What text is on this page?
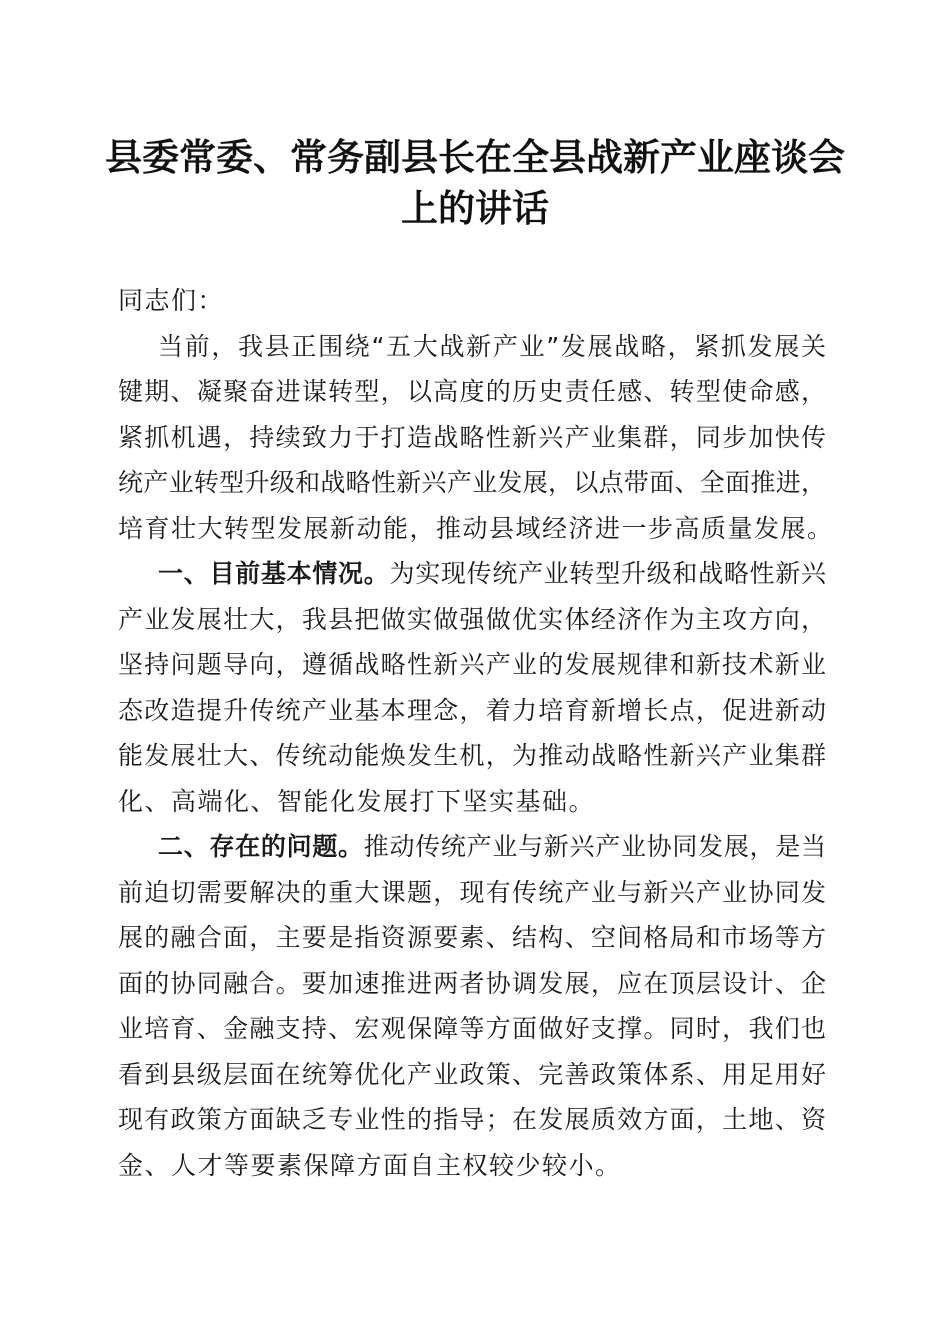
县委常委、常务副县长在全县战新产业座谈会
上的讲话
同志们：
当前，我县正围绕“五大战新产业”发展战略，紧抓发展关
键期、凝聚奋进谋转型，以高度的历史责任感、转型使命感，
紧抓机遇，持续致力于打造战略性新兴产业集群，同步加快传
统产业转型升级和战略性新兴产业发展，以点带面、全面推进，
培育壮大转型发展新动能，推动县域经济进一步高质量发展。
一、目前基本情况。为实现传统产业转型升级和战略性新兴
产业发展壮大，我县把做实做强做优实体经济作为主攻方向，
坚持问题导向，遵循战略性新兴产业的发展规律和新技术新业
态改造提升传统产业基本理念，着力培育新增长点，促进新动
能发展壮大、传统动能焕发生机，为推动战略性新兴产业集群
化、高端化、智能化发展打下坚实基础。
二、存在的问题。推动传统产业与新兴产业协同发展，是当
前迫切需要解决的重大课题，现有传统产业与新兴产业协同发
展的融合面，主要是指资源要素、结构、空间格局和市场等方
面的协同融合。要加速推进两者协调发展，应在顶层设计、企
业培育、金融支持、宏观保障等方面做好支撑。同时，我们也
看到县级层面在统筹优化产业政策、完善政策体系、用足用好
现有政策方面缺乏专业性的指导；在发展质效方面，土地、资
金、人才等要素保障方面自主权较少较小。
